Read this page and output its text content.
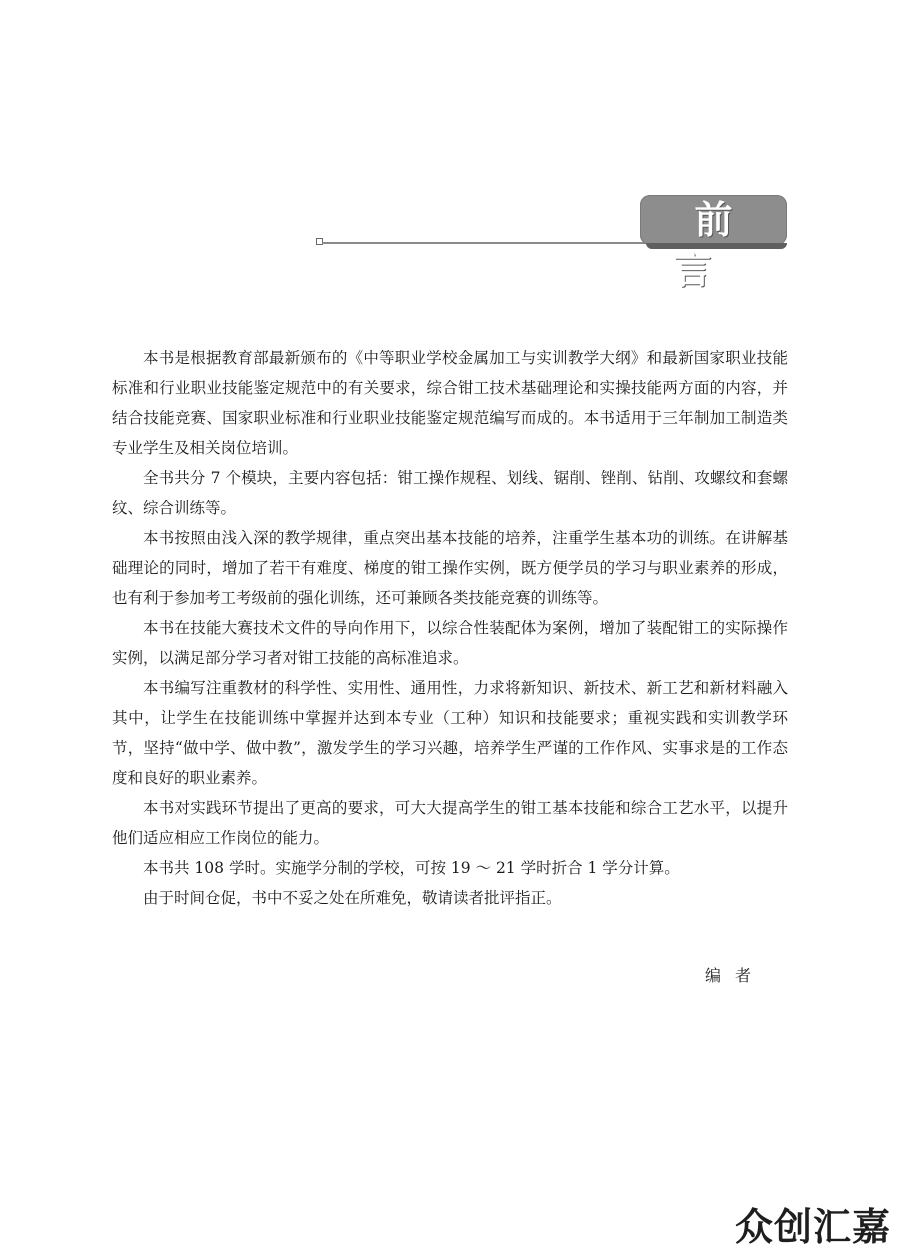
前 言

本书是根据教育部最新颁布的《中等职业学校金属加工与实训教学大纲》和最新国家职业技能标准和行业职业技能鉴定规范中的有关要求，综合钳工技术基础理论和实操技能两方面的内容，并结合技能竞赛、国家职业标准和行业职业技能鉴定规范编写而成的。本书适用于三年制加工制造类专业学生及相关岗位培训。

全书共分 7 个模块，主要内容包括：钳工操作规程、划线、锯削、锉削、钻削、攻螺纹和套螺纹、综合训练等。

本书按照由浅入深的教学规律，重点突出基本技能的培养，注重学生基本功的训练。在讲解基础理论的同时，增加了若干有难度、梯度的钳工操作实例，既方便学员的学习与职业素养的形成，也有利于参加考工考级前的强化训练，还可兼顾各类技能竞赛的训练等。

本书在技能大赛技术文件的导向作用下，以综合性装配体为案例，增加了装配钳工的实际操作实例，以满足部分学习者对钳工技能的高标准追求。

本书编写注重教材的科学性、实用性、通用性，力求将新知识、新技术、新工艺和新材料融入其中，让学生在技能训练中掌握并达到本专业（工种）知识和技能要求；重视实践和实训教学环节，坚持“做中学、做中教”，激发学生的学习兴趣，培养学生严谨的工作作风、实事求是的工作态度和良好的职业素养。

本书对实践环节提出了更高的要求，可大大提高学生的钳工基本技能和综合工艺水平，以提升他们适应相应工作岗位的能力。

本书共 108 学时。实施学分制的学校，可按 19 ～ 21 学时折合 1 学分计算。

由于时间仓促，书中不妥之处在所难免，敬请读者批评指正。

编者
众创汇嘉
